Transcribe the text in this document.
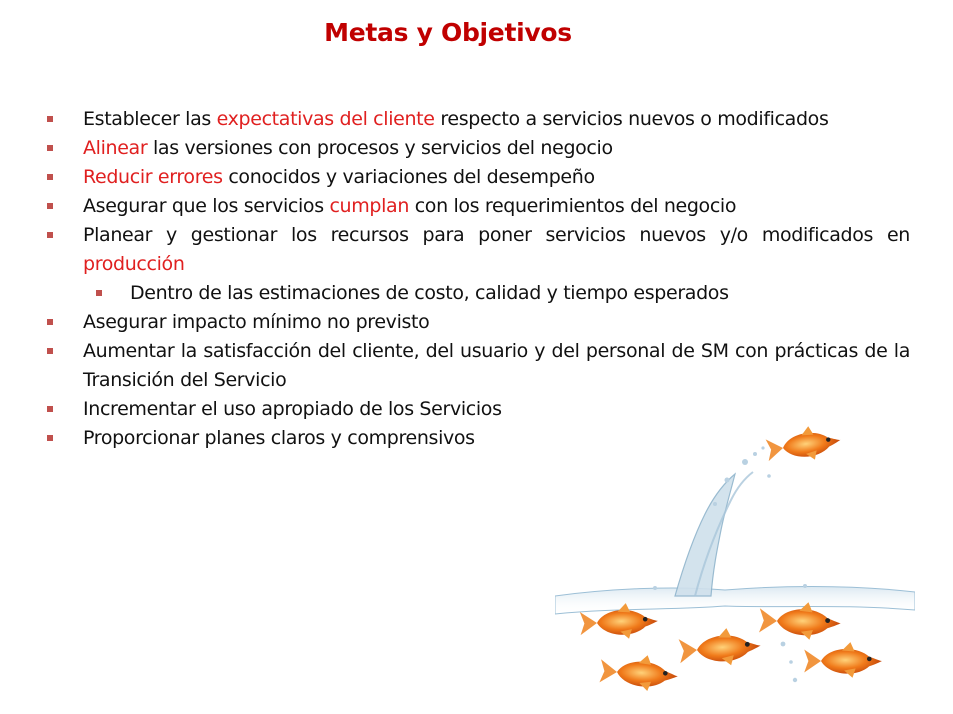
Metas y Objetivos
Establecer las expectativas del cliente respecto a servicios nuevos o modificados
Alinear las versiones con procesos y servicios del negocio
Reducir errores conocidos y variaciones del desempeño
Asegurar que los servicios cumplan con los requerimientos del negocio
Planear y gestionar los recursos para poner servicios nuevos y/o modificados en producción
Dentro de las estimaciones de costo, calidad y tiempo esperados
Asegurar impacto mínimo no previsto
Aumentar la satisfacción del cliente, del usuario y del personal de SM con prácticas de la Transición del Servicio
Incrementar el uso apropiado de los Servicios
Proporcionar planes claros y comprensivos
